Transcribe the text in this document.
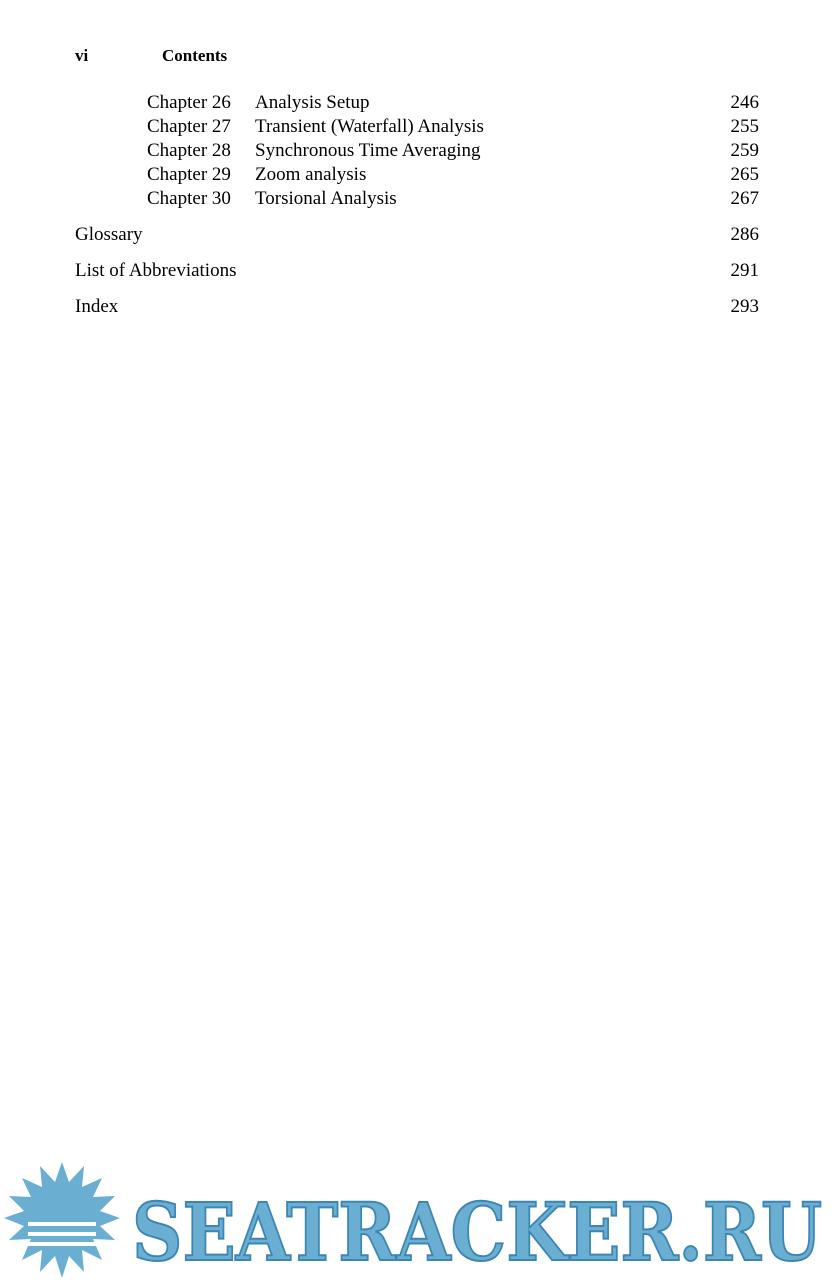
vi	Contents
Chapter 26 Analysis Setup	246
Chapter 27 Transient (Waterfall) Analysis	255
Chapter 28 Synchronous Time Averaging	259
Chapter 29 Zoom analysis	265
Chapter 30 Torsional Analysis	267
Glossary	286
List of Abbreviations	291
Index	293
SEATRACKER.RU
